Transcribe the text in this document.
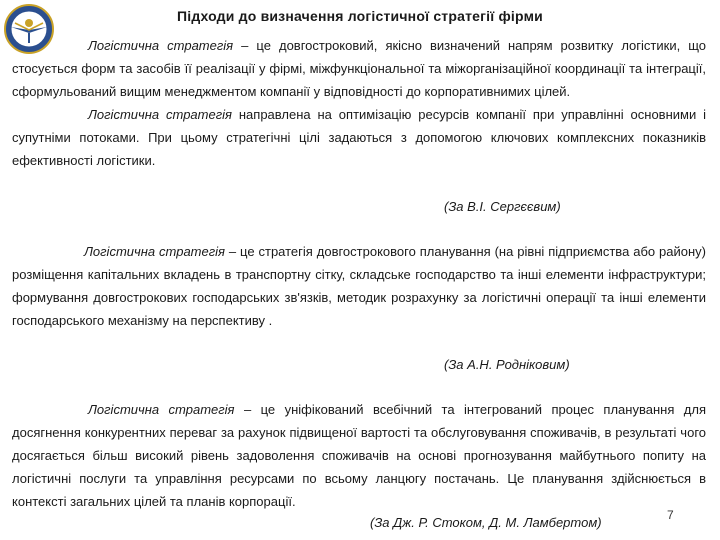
Підходи до визначення логістичної стратегії фірми
Логістична стратегія – це довгостроковий, якісно визначений напрям розвитку логістики, що стосується форм та засобів її реалізації у фірмі, міжфункціональної та міжорганізаційної координації та інтеграції, сформульований вищим менеджментом компанії у відповідності до корпоративнимих цілей.
Логістична стратегія направлена на оптимізацію ресурсів компанії при управлінні основними і супутніми потоками. При цьому стратегічні цілі задаються з допомогою ключових комплексних показників ефективності логістики.
(За В.І. Сергєєвим)
Логістична стратегія – це стратегія довгострокового планування (на рівні підприємства або району) розміщення капітальних вкладень в транспортну сітку, складське господарство та інші елементи інфраструктури; формування довгострокових господарських зв'язків, методик розрахунку за логістичні операції та інші елементи господарського механізму на перспективу .
(За А.Н. Родніковим)
Логістична стратегія – це уніфікований всебічний та інтегрований процес планування для досягнення конкурентних переваг за рахунок підвищеної вартості та обслуговування споживачів, в результаті чого досягається більш високий рівень задоволення споживачів на основі прогнозування майбутнього попиту на логістичні послуги та управління ресурсами по всьому ланцюгу постачань. Це планування здійснюється в контексті загальних цілей та планів корпорації.
(За Дж. Р. Стоком, Д. М. Ламбертом)	7
